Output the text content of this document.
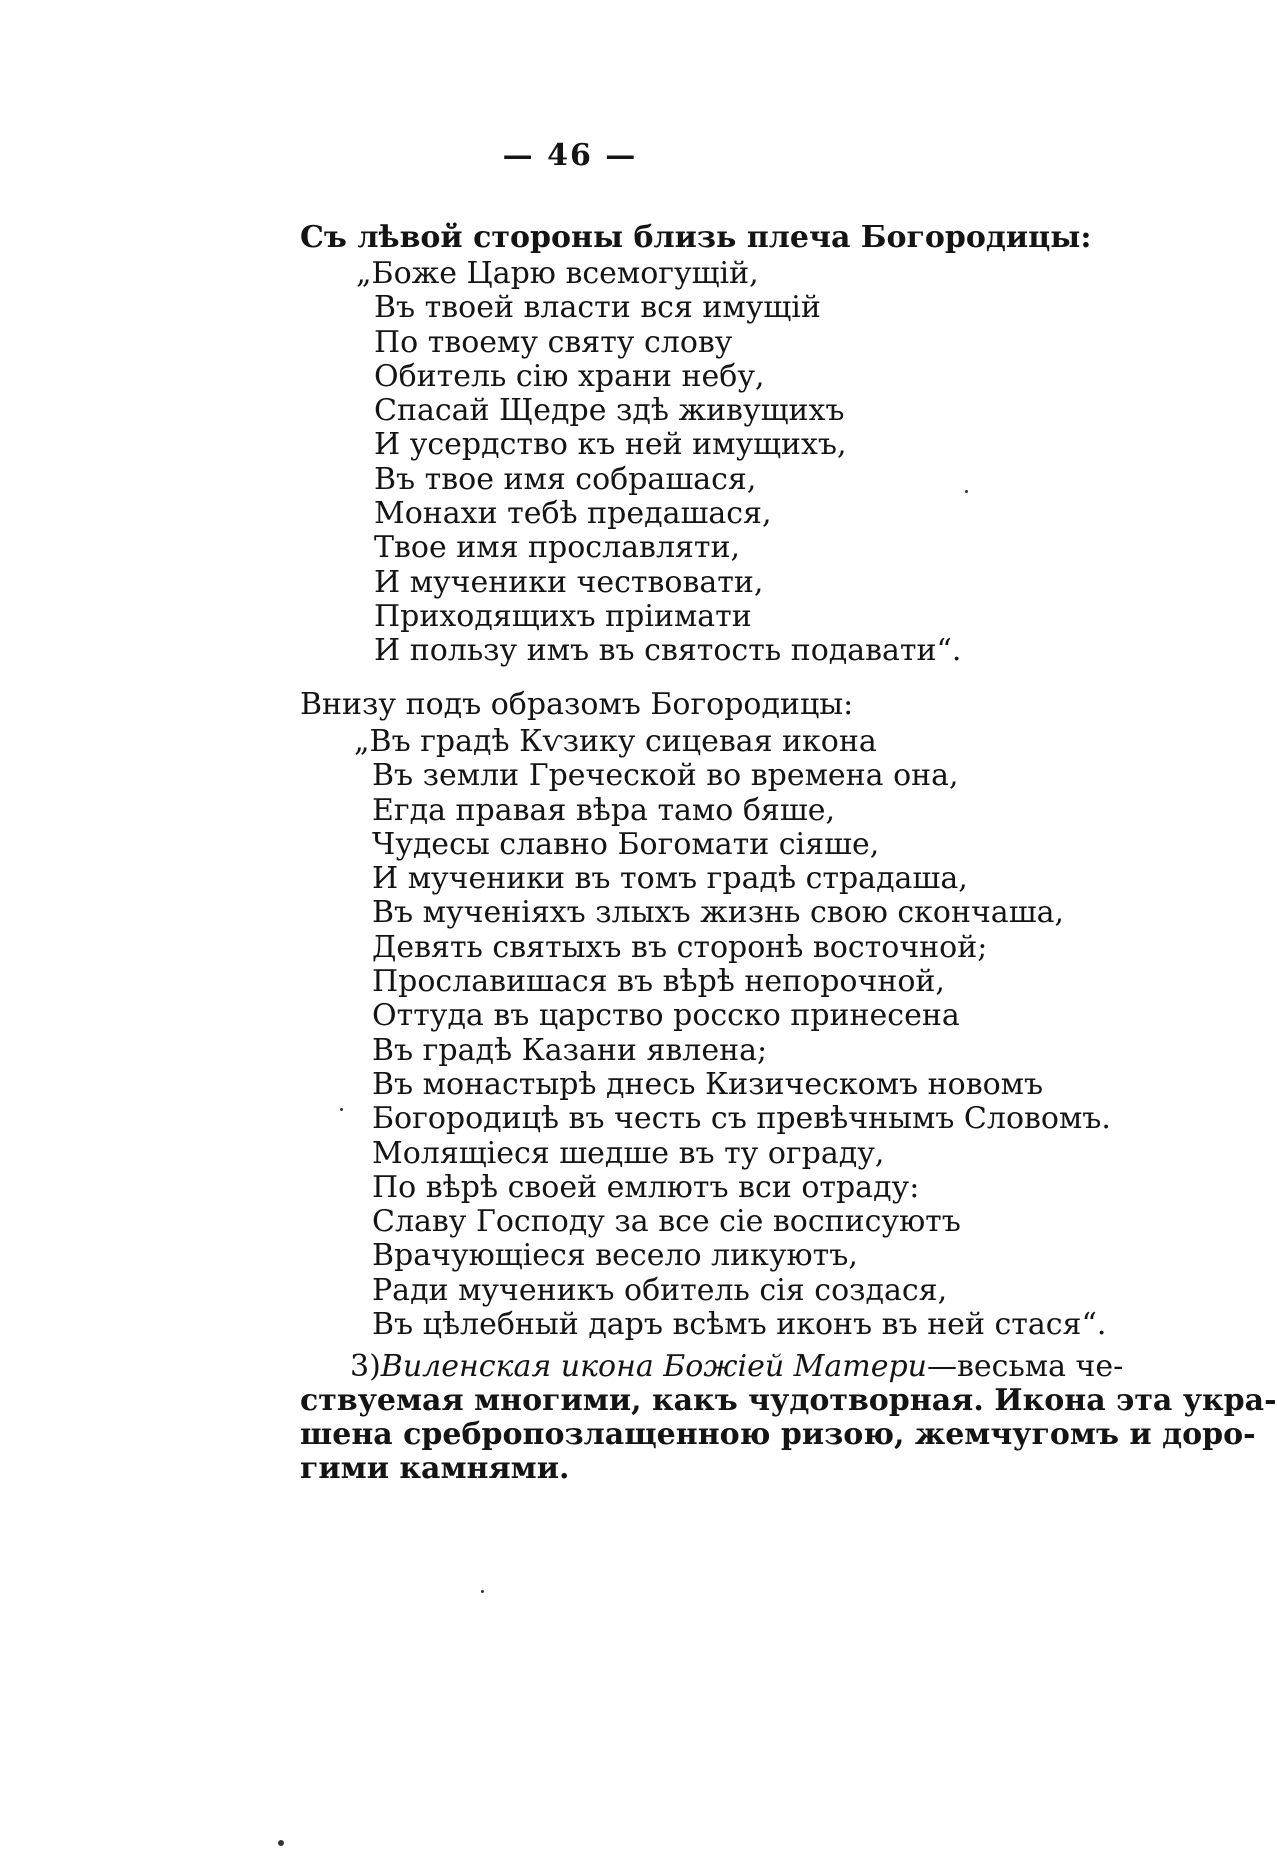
— 46 —
Съ лѣвой стороны близь плеча Богородицы:
„Боже Царю всемогущій,
Въ твоей власти вся имущій
По твоему святу слову
Обитель сію храни небу,
Спасай Щедре здѣ живущихъ
И усердство къ ней имущихъ,
Въ твое имя собрашася,
Монахи тебѣ предашася,
Твое имя прославляти,
И мученики чествовати,
Приходящихъ пріимати
И пользу имъ въ святость подавати“.
Внизу подъ образомъ Богородицы:
„Въ градѣ Кѵзику сицевая икона
Въ земли Греческой во времена она,
Егда правая вѣра тамо бяше,
Чудесы славно Богомати сіяше,
И мученики въ томъ градѣ страдаша,
Въ мученіяхъ злыхъ жизнь свою скончаша,
Девять святыхъ въ сторонѣ восточной;
Прославишася въ вѣрѣ непорочной,
Оттуда въ царство росско принесена
Въ градѣ Казани явлена;
Въ монастырѣ днесь Кизическомъ новомъ
Богородицѣ въ честь съ превѣчнымъ Словомъ.
Молящіеся шедше въ ту ограду,
По вѣрѣ своей емлютъ вси отраду:
Славу Господу за все сіе восписуютъ
Врачующіеся весело ликуютъ,
Ради мученикъ обитель сія создася,
Въ цѣлебный даръ всѣмъ иконъ въ ней стася“.
3) Виленская икона Божіей Матери —весьма че-
ствуемая многими, какъ чудотворная. Икона эта укра-
шена сребропозлащенною ризою, жемчугомъ и доро-
гими камнями.
